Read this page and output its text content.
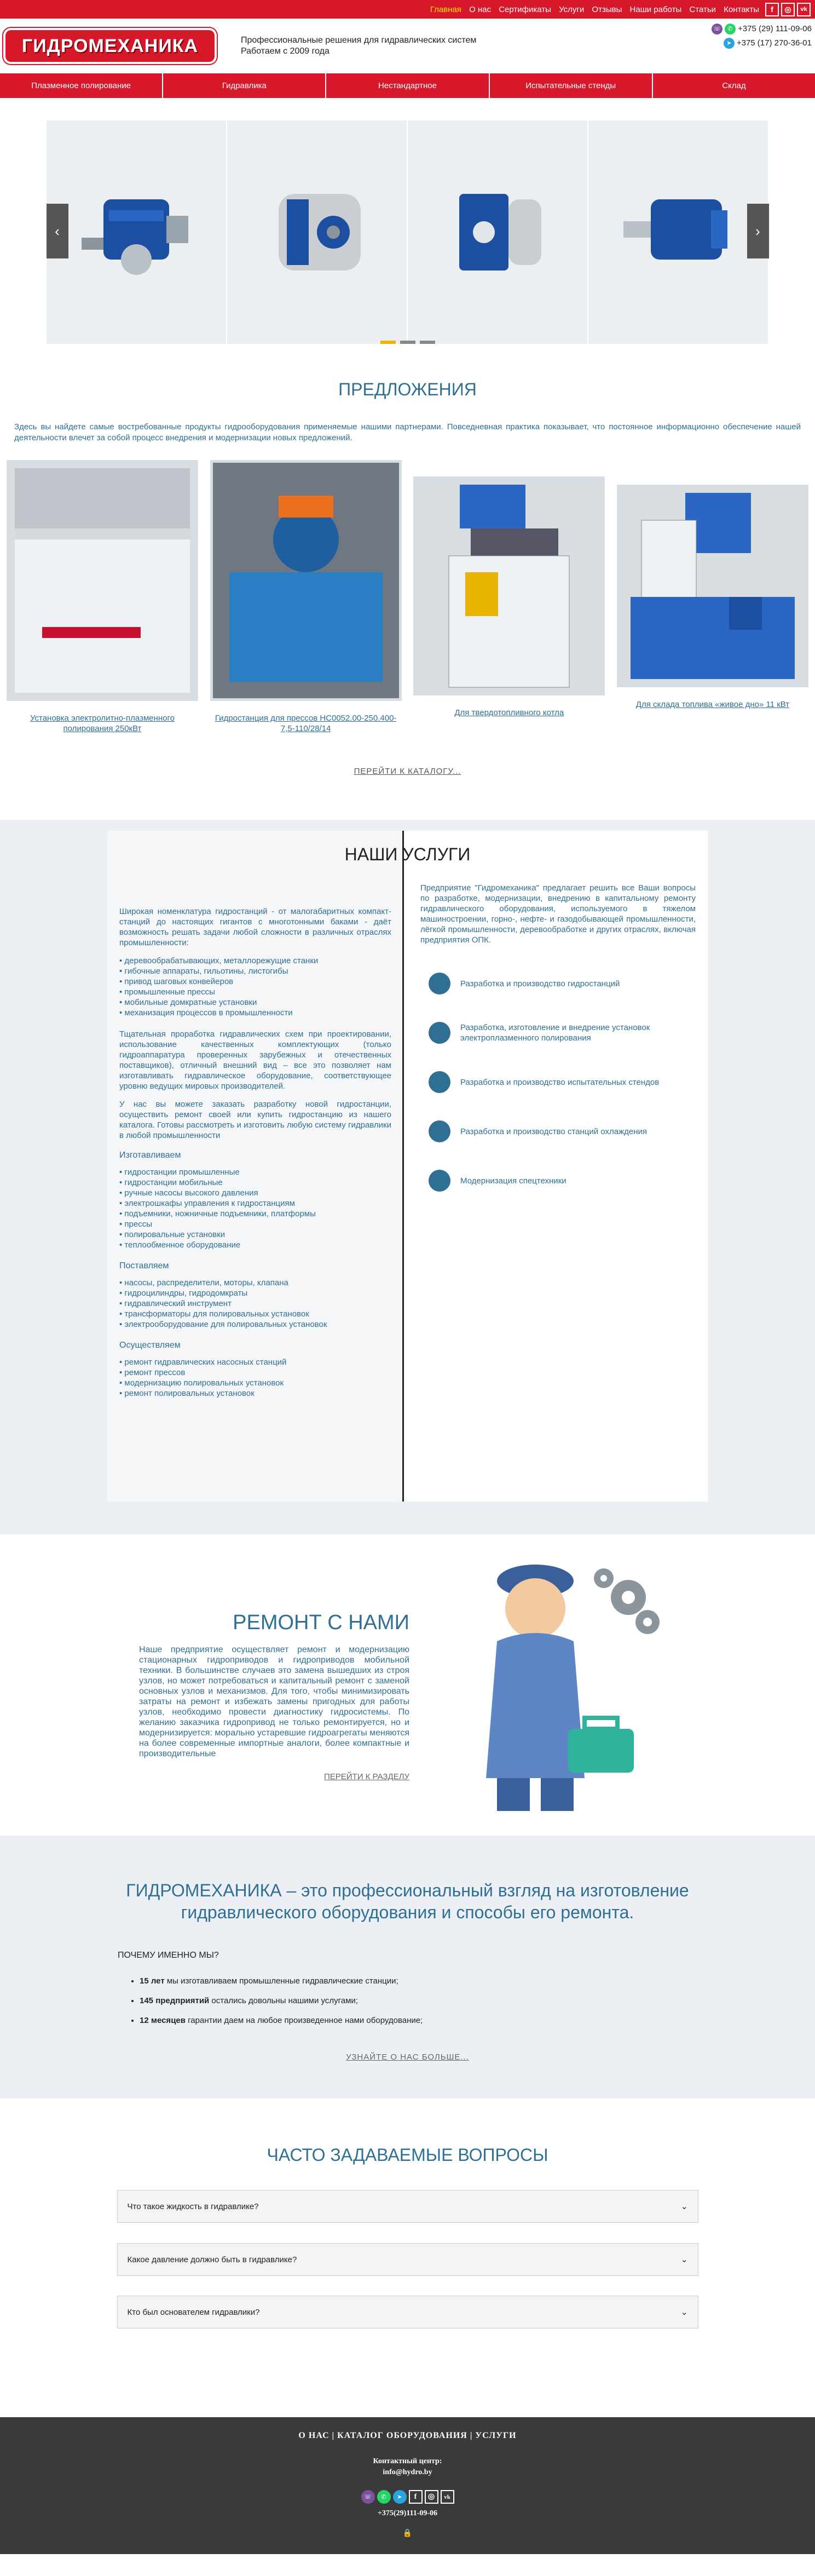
Главная О нас Сертификаты Услуги Отзывы Наши работы Статьи Контакты	f	◎	vk
ГИДРОМЕХАНИКА	Профессиональные решения для гидравлических систем
Работаем с 2009 года
☏	✆ +375 (29) 111-09-06
➤ +375 (17) 270-36-01
Плазменное полирование	Гидравлика	Нестандартное	Испытательные стенды	Склад
‹	›
ПРЕДЛОЖЕНИЯ

Здесь вы найдете самые востребованные продукты гидрооборудования применяемые нашими партнерами. Повседневная практика показывает, что постоянное информационно обеспечение нашей деятельности влечет за собой процесс внедрения и модернизации новых предложений.

Установка электролитно-плазменного полирования 250кВт
Гидростанция для прессов НС0052.00-250.400-7,5-110/28/14
Для твердотопливного котла
Для склада топлива «живое дно» 11 кВт
ПЕРЕЙТИ К КАТАЛОГУ...
НАШИ УСЛУГИ

Широкая номенклатура гидростанций - от малогабаритных компакт-станций до настоящих гигантов с многотонными баками - даёт возможность решать задачи любой сложности в различных отраслях промышленности:

• деревообрабатывающих, металлорежущие станки
• гибочные аппараты, гильотины, листогибы
• привод шаговых конвейеров
• промышленные прессы
• мобильные домкратные установки
• механизация процессов в промышленности

Тщательная проработка гидравлических схем при проектировании, использование качественных комплектующих (только гидроаппаратура проверенных зарубежных и отечественных поставщиков), отличный внешний вид – все это позволяет нам изготавливать гидравлическое оборудование, соответствующее уровню ведущих мировых производителей.

У нас вы можете заказать разработку новой гидростанции, осуществить ремонт своей или купить гидростанцию из нашего каталога. Готовы рассмотреть и изготовить любую систему гидравлики в любой промышленности

Изготавливаем
• гидростанции промышленные
• гидростанции мобильные
• ручные насосы высокого давления
• электрошкафы управления к гидростанциям
• подъемники, ножничные подъемники, платформы
• прессы
• полировальные установки
• теплообменное оборудование
Поставляем
• насосы, распределители, моторы, клапана
• гидроцилиндры, гидродомкраты
• гидравлический инструмент
• трансформаторы для полировальных установок
• электрооборудование для полировальных установок
Осуществляем
• ремонт гидравлических насосных станций
• ремонт прессов
• модернизацию полировальных установок
• ремонт полировальных установок

Предприятие "Гидромеханика" предлагает решить все Ваши вопросы по разработке, модернизации, внедрению в капитальному ремонту гидравлического оборудования, используемого в тяжелом машиностроении, горно-, нефте- и газодобывающей промышленности, лёгкой промышленности, деревообработке и других отраслях, включая предприятия ОПК.

✓	Разработка и производство гидростанций
✓
Разработка, изготовление и внедрение установок электроплазменного полирования
✓	Разработка и производство испытательных стендов
✓	Разработка и производство станций охлаждения
✓	Модернизация спецтехники
РЕМОНТ С НАМИ

Наше предприятие осуществляет ремонт и модернизацию стационарных гидроприводов и гидроприводов мобильной техники. В большинстве случаев это замена вышедших из строя узлов, но может потребоваться и капитальный ремонт с заменой основных узлов и механизмов. Для того, чтобы минимизировать затраты на ремонт и избежать замены пригодных для работы узлов, необходимо провести диагностику гидросистемы. По желанию заказчика гидропривод не только ремонтируется, но и модернизируется: морально устаревшие гидроагрегаты меняются на более современные импортные аналоги, более компактные и производительные

ПЕРЕЙТИ К РАЗДЕЛУ
ГИДРОМЕХАНИКА – это профессиональный взгляд на изготовление гидравлического оборудования и способы его ремонта.
ПОЧЕМУ ИМЕННО МЫ?
• 15 лет мы изготавливаем промышленные гидравлические станции;
• 145 предприятий остались довольны нашими услугами;
• 12 месяцев гарантии даем на любое произведенное нами оборудование;
УЗНАЙТЕ О НАС БОЛЬШЕ...
ЧАСТО ЗАДАВАЕМЫЕ ВОПРОСЫ
Что такое жидкость в гидравлике?	⌄
Какое давление должно быть в гидравлике?	⌄
Кто был основателем гидравлики?	⌄
О НАС | КАТАЛОГ ОБОРУДОВАНИЯ | УСЛУГИ
Контактный центр:
info@hydro.by
☏	✆	➤	f	◎	vk
+375(29)111-09-06
🔒
